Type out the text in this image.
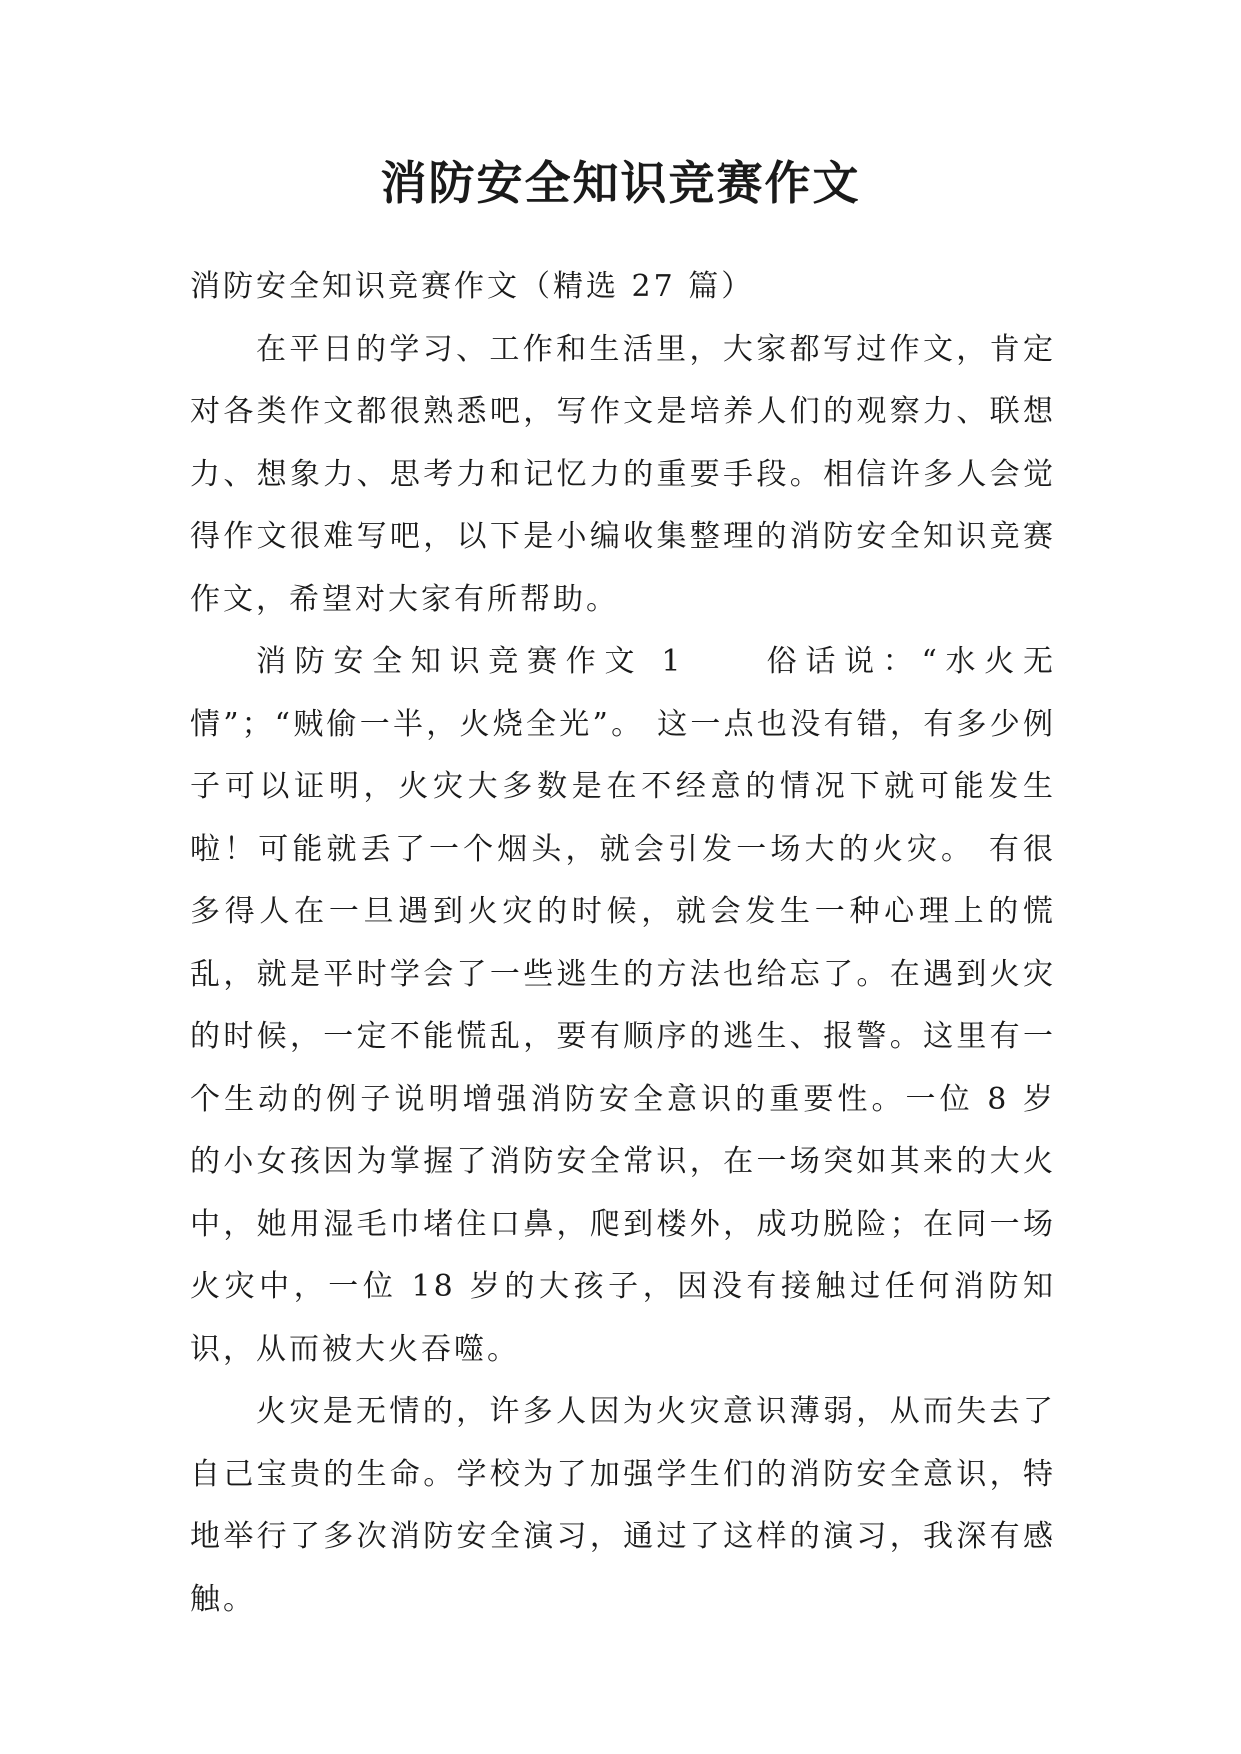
消防安全知识竞赛作文

消防安全知识竞赛作文（精选 27 篇）

在平日的学习、工作和生活里，大家都写过作文，肯定对各类作文都很熟悉吧，写作文是培养人们的观察力、联想力、想象力、思考力和记忆力的重要手段。相信许多人会觉得作文很难写吧，以下是小编收集整理的消防安全知识竞赛作文，希望对大家有所帮助。

消防安全知识竞赛作文 1　　俗话说：“水火无情”；“贼偷一半，火烧全光”。 这一点也没有错，有多少例子可以证明，火灾大多数是在不经意的情况下就可能发生啦！可能就丢了一个烟头，就会引发一场大的火灾。 有很多得人在一旦遇到火灾的时候，就会发生一种心理上的慌乱，就是平时学会了一些逃生的方法也给忘了。在遇到火灾的时候，一定不能慌乱，要有顺序的逃生、报警。这里有一个生动的例子说明增强消防安全意识的重要性。一位 8 岁的小女孩因为掌握了消防安全常识，在一场突如其来的大火中，她用湿毛巾堵住口鼻，爬到楼外，成功脱险；在同一场火灾中，一位 18 岁的大孩子，因没有接触过任何消防知识，从而被大火吞噬。

火灾是无情的，许多人因为火灾意识薄弱，从而失去了自己宝贵的生命。学校为了加强学生们的消防安全意识，特地举行了多次消防安全演习，通过了这样的演习，我深有感触。
